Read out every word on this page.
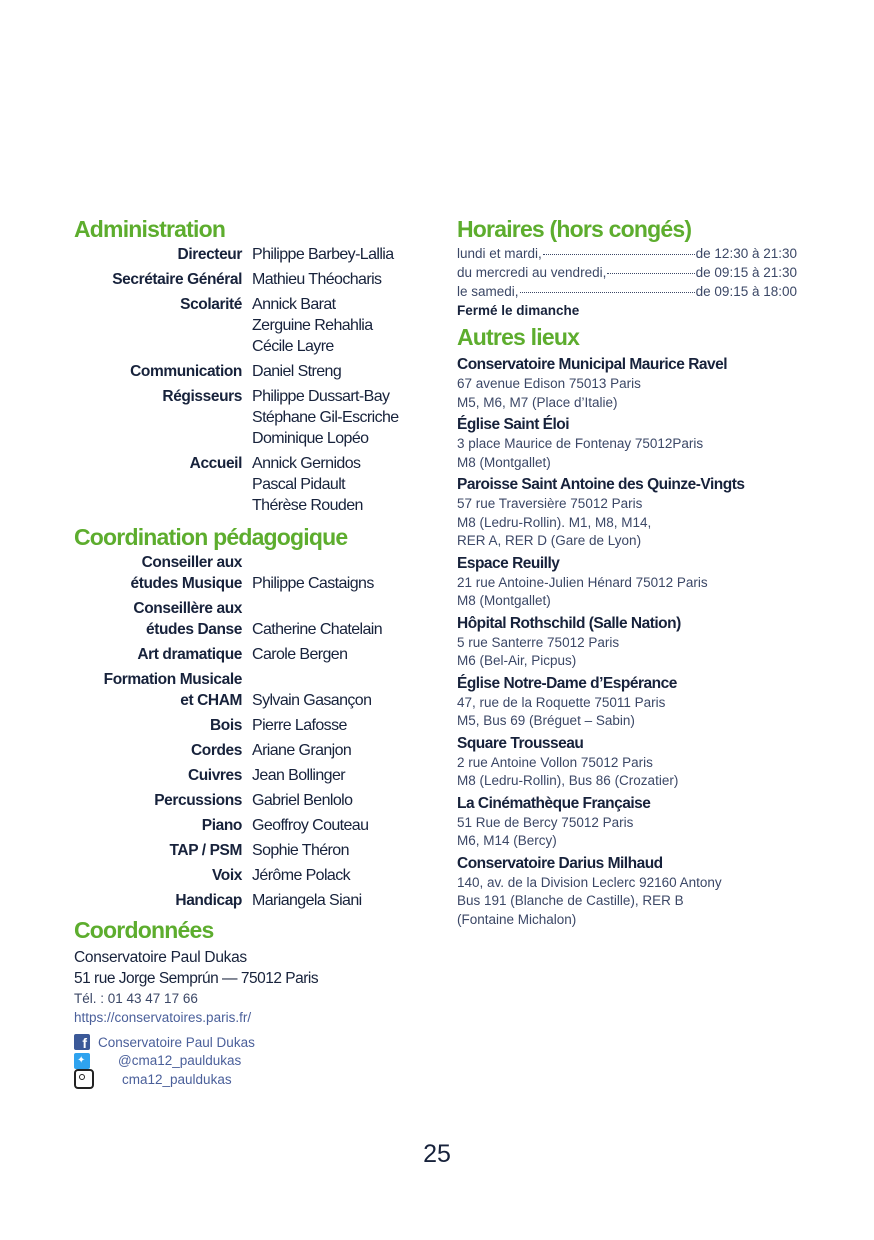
Administration
Directeur Philippe Barbey-Lallia
Secrétaire Général Mathieu Théocharis
Scolarité Annick Barat
Zerguine Rehahlia
Cécile Layre
Communication Daniel Streng
Régisseurs Philippe Dussart-Bay
Stéphane Gil-Escriche
Dominique Lopéo
Accueil Annick Gernidos
Pascal Pidault
Thérèse Rouden
Coordination pédagogique
Conseiller aux
études Musique Philippe Castaigns
Conseillère aux
études Danse Catherine Chatelain
Art dramatique Carole Bergen
Formation Musicale
et CHAM Sylvain Gasançon
Bois Pierre Lafosse
Cordes Ariane Granjon
Cuivres Jean Bollinger
Percussions Gabriel Benlolo
Piano Geoffroy Couteau
TAP / PSM Sophie Théron
Voix Jérôme Polack
Handicap Mariangela Siani
Coordonnées
Conservatoire Paul Dukas
51 rue Jorge Semprún — 75012 Paris
Tél. : 01 43 47 17 66
https://conservatoires.paris.fr/
f Conservatoire Paul Dukas
✦ @cma12_pauldukas
cma12_pauldukas
Horaires (hors congés)
lundi et mardi,	de 12:30 à 21:30
du mercredi au vendredi,	de 09:15 à 21:30
le samedi,	de 09:15 à 18:00
Fermé le dimanche
Autres lieux
Conservatoire Municipal Maurice Ravel
67 avenue Edison 75013 Paris
M5, M6, M7 (Place d’Italie)
Église Saint Éloi
3 place Maurice de Fontenay 75012Paris
M8 (Montgallet)
Paroisse Saint Antoine des Quinze-Vingts
57 rue Traversière 75012 Paris
M8 (Ledru-Rollin). M1, M8, M14,
RER A, RER D (Gare de Lyon)
Espace Reuilly
21 rue Antoine-Julien Hénard 75012 Paris
M8 (Montgallet)
Hôpital Rothschild (Salle Nation)
5 rue Santerre 75012 Paris
M6 (Bel-Air, Picpus)
Église Notre-Dame d’Espérance
47, rue de la Roquette 75011 Paris
M5, Bus 69 (Bréguet – Sabin)
Square Trousseau
2 rue Antoine Vollon 75012 Paris
M8 (Ledru-Rollin), Bus 86 (Crozatier)
La Cinémathèque Française
51 Rue de Bercy 75012 Paris
M6, M14 (Bercy)
Conservatoire Darius Milhaud
140, av. de la Division Leclerc 92160 Antony
Bus 191 (Blanche de Castille), RER B
(Fontaine Michalon)
25
